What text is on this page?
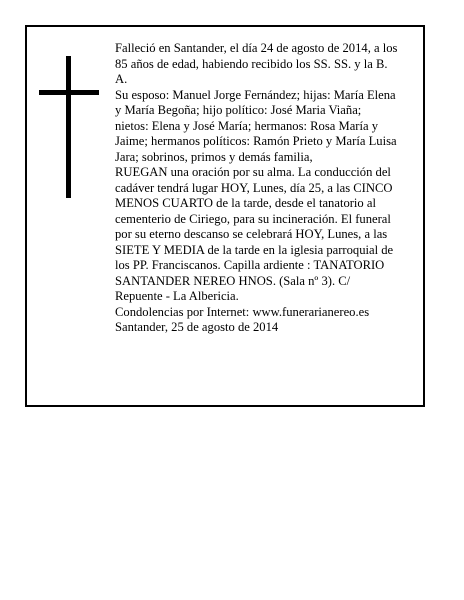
Falleció en Santander, el día 24 de agosto de 2014, a los
85 años de edad, habiendo recibido los SS. SS. y la B.
A.
Su esposo: Manuel Jorge Fernández; hijas: María Elena
y María Begoña; hijo político: José Maria Viaña;
nietos: Elena y José María; hermanos: Rosa María y
Jaime; hermanos políticos: Ramón Prieto y María Luisa
Jara; sobrinos, primos y demás familia,
RUEGAN una oración por su alma. La conducción del
cadáver tendrá lugar HOY, Lunes, día 25, a las CINCO
MENOS CUARTO de la tarde, desde el tanatorio al
cementerio de Ciriego, para su incineración. El funeral
por su eterno descanso se celebrará HOY, Lunes, a las
SIETE Y MEDIA de la tarde en la iglesia parroquial de
los PP. Franciscanos. Capilla ardiente : TANATORIO
SANTANDER NEREO HNOS. (Sala nº 3). C/
Repuente - La Albericia.
Condolencias por Internet: www.funerarianereo.es
Santander, 25 de agosto de 2014
